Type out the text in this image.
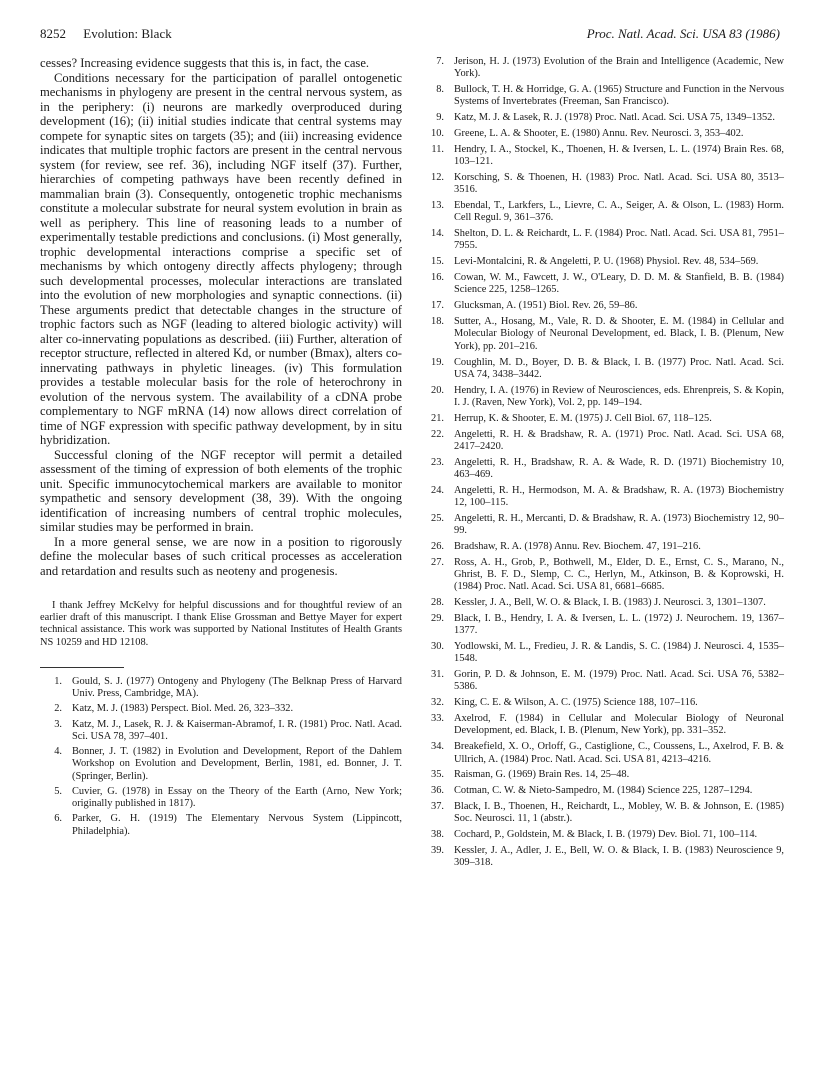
8252 Evolution: Black	Proc. Natl. Acad. Sci. USA 83 (1986)

cesses? Increasing evidence suggests that this is, in fact, the case.

Conditions necessary for the participation of parallel ontogenetic mechanisms in phylogeny are present in the central nervous system, as in the periphery: (i) neurons are markedly overproduced during development (16); (ii) initial studies indicate that central systems may compete for synaptic sites on targets (35); and (iii) increasing evidence indicates that multiple trophic factors are present in the central nervous system (for review, see ref. 36), including NGF itself (37). Further, hierarchies of competing pathways have been recently defined in mammalian brain (3). Consequently, ontogenetic trophic mechanisms constitute a molecular substrate for neural system evolution in brain as well as periphery. This line of reasoning leads to a number of experimentally testable predictions and conclusions. (i) Most generally, trophic developmental interactions comprise a specific set of mechanisms by which ontogeny directly affects phylogeny; through such developmental processes, molecular interactions are translated into the evolution of new morphologies and synaptic connections. (ii) These arguments predict that detectable changes in the structure of trophic factors such as NGF (leading to altered biologic activity) will alter co-innervating populations as described. (iii) Further, alteration of receptor structure, reflected in altered Kd, or number (Bmax), alters co-innervating pathways in phyletic lineages. (iv) This formulation provides a testable molecular basis for the role of heterochrony in evolution of the nervous system. The availability of a cDNA probe complementary to NGF mRNA (14) now allows direct correlation of time of NGF expression with specific pathway development, by in situ hybridization.

Successful cloning of the NGF receptor will permit a detailed assessment of the timing of expression of both elements of the trophic unit. Specific immunocytochemical markers are available to monitor sympathetic and sensory development (38, 39). With the ongoing identification of increasing numbers of central trophic molecules, similar studies may be performed in brain.

In a more general sense, we are now in a position to rigorously define the molecular bases of such critical processes as acceleration and retardation and results such as neoteny and progenesis.

I thank Jeffrey McKelvy for helpful discussions and for thoughtful review of an earlier draft of this manuscript. I thank Elise Grossman and Bettye Mayer for expert technical assistance. This work was supported by National Institutes of Health Grants NS 10259 and HD 12108.

1. Gould, S. J. (1977) Ontogeny and Phylogeny (The Belknap Press of Harvard Univ. Press, Cambridge, MA).
2. Katz, M. J. (1983) Perspect. Biol. Med. 26, 323–332.
3. Katz, M. J., Lasek, R. J. & Kaiserman-Abramof, I. R. (1981) Proc. Natl. Acad. Sci. USA 78, 397–401.
4. Bonner, J. T. (1982) in Evolution and Development, Report of the Dahlem Workshop on Evolution and Development, Berlin, 1981, ed. Bonner, J. T. (Springer, Berlin).
5. Cuvier, G. (1978) in Essay on the Theory of the Earth (Arno, New York; originally published in 1817).
6. Parker, G. H. (1919) The Elementary Nervous System (Lippincott, Philadelphia).
7. Jerison, H. J. (1973) Evolution of the Brain and Intelligence (Academic, New York).
8. Bullock, T. H. & Horridge, G. A. (1965) Structure and Function in the Nervous Systems of Invertebrates (Freeman, San Francisco).
9. Katz, M. J. & Lasek, R. J. (1978) Proc. Natl. Acad. Sci. USA 75, 1349–1352.
10. Greene, L. A. & Shooter, E. (1980) Annu. Rev. Neurosci. 3, 353–402.
11. Hendry, I. A., Stockel, K., Thoenen, H. & Iversen, L. L. (1974) Brain Res. 68, 103–121.
12. Korsching, S. & Thoenen, H. (1983) Proc. Natl. Acad. Sci. USA 80, 3513–3516.
13. Ebendal, T., Larkfers, L., Lievre, C. A., Seiger, A. & Olson, L. (1983) Horm. Cell Regul. 9, 361–376.
14. Shelton, D. L. & Reichardt, L. F. (1984) Proc. Natl. Acad. Sci. USA 81, 7951–7955.
15. Levi-Montalcini, R. & Angeletti, P. U. (1968) Physiol. Rev. 48, 534–569.
16. Cowan, W. M., Fawcett, J. W., O'Leary, D. D. M. & Stanfield, B. B. (1984) Science 225, 1258–1265.
17. Glucksman, A. (1951) Biol. Rev. 26, 59–86.
18. Sutter, A., Hosang, M., Vale, R. D. & Shooter, E. M. (1984) in Cellular and Molecular Biology of Neuronal Development, ed. Black, I. B. (Plenum, New York), pp. 201–216.
19. Coughlin, M. D., Boyer, D. B. & Black, I. B. (1977) Proc. Natl. Acad. Sci. USA 74, 3438–3442.
20. Hendry, I. A. (1976) in Review of Neurosciences, eds. Ehrenpreis, S. & Kopin, I. J. (Raven, New York), Vol. 2, pp. 149–194.
21. Herrup, K. & Shooter, E. M. (1975) J. Cell Biol. 67, 118–125.
22. Angeletti, R. H. & Bradshaw, R. A. (1971) Proc. Natl. Acad. Sci. USA 68, 2417–2420.
23. Angeletti, R. H., Bradshaw, R. A. & Wade, R. D. (1971) Biochemistry 10, 463–469.
24. Angeletti, R. H., Hermodson, M. A. & Bradshaw, R. A. (1973) Biochemistry 12, 100–115.
25. Angeletti, R. H., Mercanti, D. & Bradshaw, R. A. (1973) Biochemistry 12, 90–99.
26. Bradshaw, R. A. (1978) Annu. Rev. Biochem. 47, 191–216.
27. Ross, A. H., Grob, P., Bothwell, M., Elder, D. E., Ernst, C. S., Marano, N., Ghrist, B. F. D., Slemp, C. C., Herlyn, M., Atkinson, B. & Koprowski, H. (1984) Proc. Natl. Acad. Sci. USA 81, 6681–6685.
28. Kessler, J. A., Bell, W. O. & Black, I. B. (1983) J. Neurosci. 3, 1301–1307.
29. Black, I. B., Hendry, I. A. & Iversen, L. L. (1972) J. Neurochem. 19, 1367–1377.
30. Yodlowski, M. L., Fredieu, J. R. & Landis, S. C. (1984) J. Neurosci. 4, 1535–1548.
31. Gorin, P. D. & Johnson, E. M. (1979) Proc. Natl. Acad. Sci. USA 76, 5382–5386.
32. King, C. E. & Wilson, A. C. (1975) Science 188, 107–116.
33. Axelrod, F. (1984) in Cellular and Molecular Biology of Neuronal Development, ed. Black, I. B. (Plenum, New York), pp. 331–352.
34. Breakefield, X. O., Orloff, G., Castiglione, C., Coussens, L., Axelrod, F. B. & Ullrich, A. (1984) Proc. Natl. Acad. Sci. USA 81, 4213–4216.
35. Raisman, G. (1969) Brain Res. 14, 25–48.
36. Cotman, C. W. & Nieto-Sampedro, M. (1984) Science 225, 1287–1294.
37. Black, I. B., Thoenen, H., Reichardt, L., Mobley, W. B. & Johnson, E. (1985) Soc. Neurosci. 11, 1 (abstr.).
38. Cochard, P., Goldstein, M. & Black, I. B. (1979) Dev. Biol. 71, 100–114.
39. Kessler, J. A., Adler, J. E., Bell, W. O. & Black, I. B. (1983) Neuroscience 9, 309–318.
